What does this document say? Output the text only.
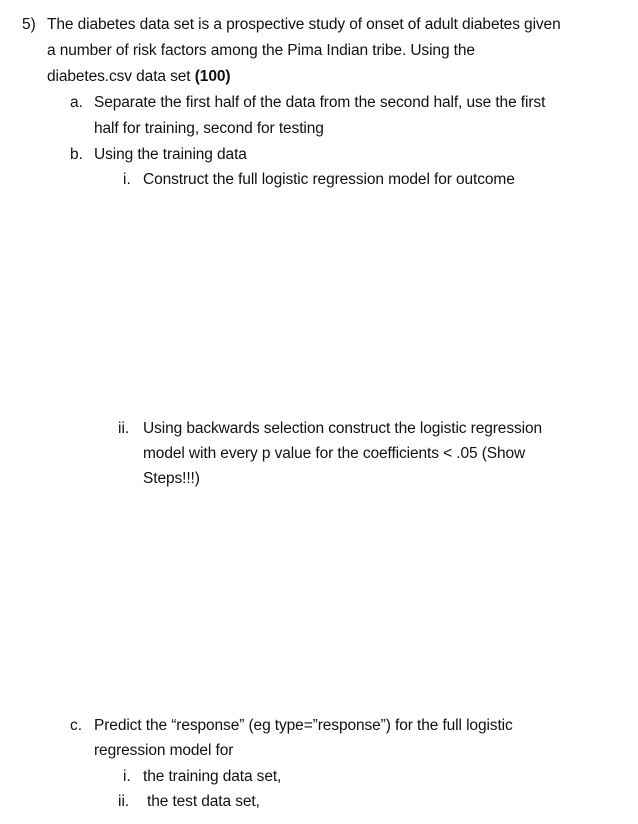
5) The diabetes data set is a prospective study of onset of adult diabetes given
a number of risk factors among the Pima Indian tribe. Using the
diabetes.csv data set (100)
a. Separate the first half of the data from the second half, use the first
half for training, second for testing
b. Using the training data
i. Construct the full logistic regression model for outcome
ii. Using backwards selection construct the logistic regression
model with every p value for the coefficients < .05 (Show
Steps!!!)
c. Predict the “response” (eg type=”response”) for the full logistic
regression model for
i. the training data set,
ii. the test data set,
